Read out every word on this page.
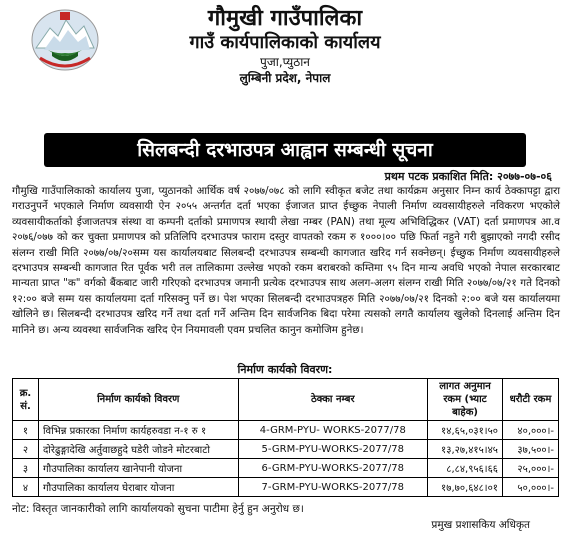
गौमुखी गाउँपालिका
गाउँ कार्यपालिकाको कार्यालय
पुजा,प्युठान
लुम्बिनी प्रदेश, नेपाल
सिलबन्दी दरभाउपत्र आह्वान सम्बन्धी सूचना
प्रथम पटक प्रकाशित मिति: २०७७-०७-०६
गौमुखि गाउँपालिकाको कार्यालय पुजा, प्युठानको आर्थिक वर्ष २०७७/०७८ को लागि स्वीकृत बजेट तथा कार्यक्रम अनुसार निम्न कार्य ठेक्कापट्टा द्वारा गराउनुपर्ने भएकाले निर्माण व्यवसायी ऐन २०५५ अन्तर्गत दर्ता भएका ईजाजत प्राप्त ईच्छुक नेपाली निर्माण व्यवसायीहरुले नविकरण भएकोले व्यवसायीकर्ताको ईजाजतपत्र संस्था वा कम्पनी दर्ताको प्रमाणपत्र स्थायी लेखा नम्बर (PAN) तथा मूल्य अभिविद्धिकर (VAT) दर्ता प्रमाणपत्र आ.व २०७६/०७७ को कर चुक्ता प्रमाणपत्र को प्रतिलिपि दरभाउपत्र फाराम दस्तुर वापतको रकम रु १०००।०० पछि फिर्ता नहुने गरी बुझाएको नगदी रसीद संलग्न राखी मिति २०७७/०७/२०सम्म यस कार्यालयबाट सिलबन्दी दरभाउपत्र सम्बन्धी कागजात खरिद गर्न सक्नेछन्। ईच्छुक निर्माण व्यवसायीहरुले दरभाउपत्र सम्बन्धी कागजात रित पूर्वक भरी तल तालिकामा उल्लेख भएको रकम बराबरको कम्तिमा ९५ दिन मान्य अवधि भएको नेपाल सरकारबाट मान्यता प्राप्त "क" वर्गको बैंकबाट जारी गरिएको दरभाउपत्र जमानी प्रत्येक दरभाउपत्र साथ अलग-अलग संलग्न राखी मिति २०७७/०७/२१ गते दिनको १२:०० बजे सम्म यस कार्यालयमा दर्ता गरिसक्नु पर्ने छ। पेश भएका सिलबन्दी दरभाउपत्रहरु मिति २०७७/०७/२१ दिनको २:०० बजे यस कार्यालयमा खोलिने छ। सिलबन्दी दरभाउपत्र खरिद गर्ने तथा दर्ता गर्ने अन्तिम दिन सार्वजनिक बिदा परेमा त्यसको लगतै कार्यालय खुलेको दिनलाई अन्तिम दिन मानिने छ। अन्य व्यवस्था सार्वजनिक खरिद ऐन नियमावली एवम प्रचलित कानुन कमोजिम हुनेछ।
निर्माण कार्यको विवरण:
क्र. सं.	निर्माण कार्यको विवरण	ठेक्का नम्बर	लागत अनुमान रकम (भ्याट बाहेक)	धरौटी रकम
१	विभिन्न प्रकारका निर्माण कार्यहरुवडा न-१ रु १	4-GRM-PYU- WORKS-2077/78	१४,६५,०३१।५०	४०,०००।-
२	दोरेढुङ्गादेखि अर्तुवाछहुदे घडेरी जोडने मोटरबाटो	5-GRM-PYU-WORKS-2077/78	१३,२७,४१५।४५	३७,५००।-
३	गौउपालिका कार्यालय खानेपानी योजना	6-GRM-PYU-WORKS-2077/78	८,८४,९५६।६६	२५,०००।-
४	गौउपालिका कार्यालय घेराबार योजना	7-GRM-PYU-WORKS-2077/78	१७,७०,६४८।०१	५०,०००।-
नोट: विस्तृत जानकारीको लागि कार्यालयको सुचना पाटीमा हेर्नु हुन अनुरोध छ।
प्रमुख प्रशासकिय अधिकृत
